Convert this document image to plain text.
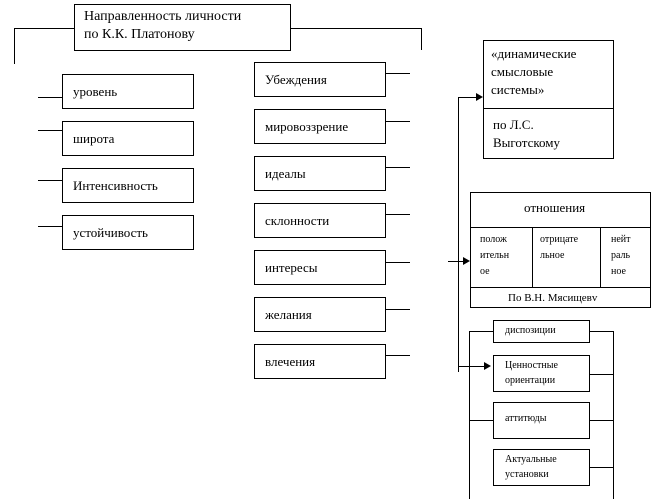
Направленность личности
по К.К. Платонову
уровень
широта
Интенсивность
устойчивость
Убеждения
мировоззрение
идеалы
склонности
интересы
желания
влечения
«динамические
смысловые
системы»
по Л.С.
Выготскому
отношения
полож
ительн
ое
отрицате
льное
нейт
раль
ное
По В.Н. Мясищевv
диспозиции
Ценностные
ориентации
аттитюды
Актуальные
установки
